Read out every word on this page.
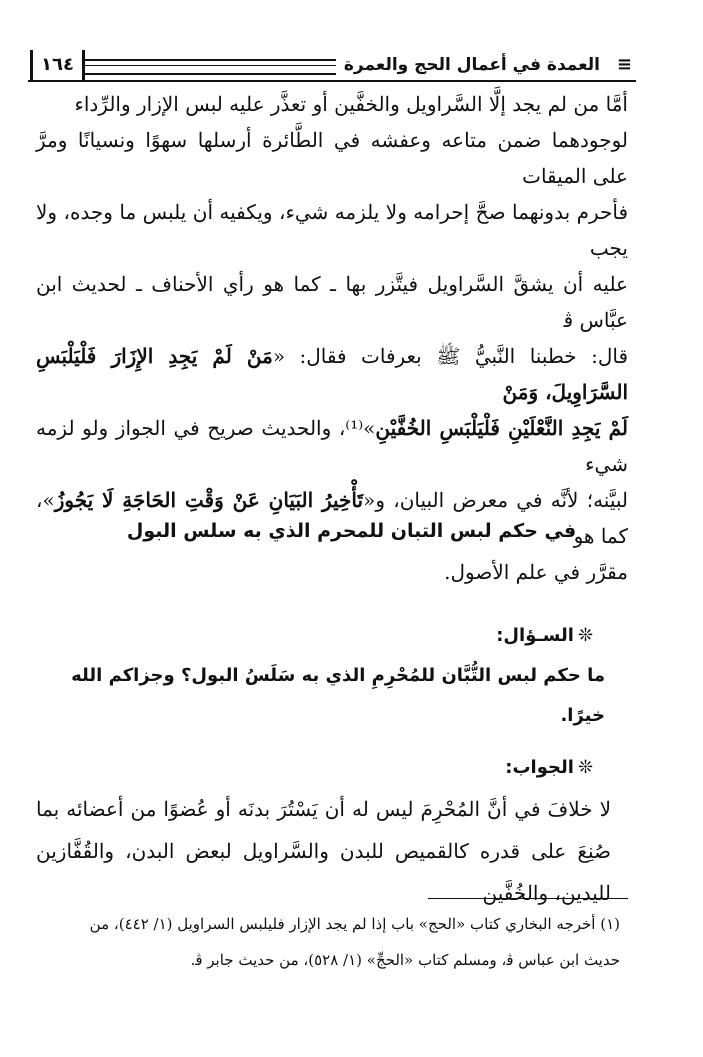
≡
العمدة في أعمال الحج والعمرة
١٦٤

أمَّا من لم يجد إلَّا السَّراويل والخفَّين أو تعذَّر عليه لبس الإزار والرِّداء

لوجودهما ضمن متاعه وعفشه في الطَّائرة أرسلها سهوًا ونسيانًا ومرَّ على الميقات

فأحرم بدونهما صحَّ إحرامه ولا يلزمه شيء، ويكفيه أن يلبس ما وجده، ولا يجب

عليه أن يشقَّ السَّراويل فيتَّزر بها ـ كما هو رأي الأحناف ـ لحديث ابن عبَّاس ﭬ

قال: خطبنا النَّبيُّ ﷺ بعرفات فقال: «مَنْ لَمْ يَجِدِ الإِزَارَ فَلْيَلْبَسِ السَّرَاوِيلَ، وَمَنْ

لَمْ يَجِدِ النَّعْلَيْنِ فَلْيَلْبَسِ الخُفَّيْنِ»⁽¹⁾، والحديث صريح في الجواز ولو لزمه شيء

لبيَّنه؛ لأنَّه في معرض البيان، و«تَأْخِيرُ البَيَانِ عَنْ وَقْتِ الحَاجَةِ لَا يَجُوزُ»، كما هو

مقرَّر في علم الأصول.

في حكم لبس التبان للمحرم الذي به سلس البول
❊السـؤال:
ما حكم لبس التُّبَّان للمُحْرِمِ الذي به سَلَسُ البول؟ وجزاكم الله خيرًا.
❊الجواب:
لا خلافَ في أنَّ المُحْرِمَ ليس له أن يَسْتُرَ بدنَه أو عُضوًا من أعضائه بما صُنِعَ على قدره كالقميص للبدن والسَّراويل لبعض البدن، والقُفَّازين لليدين، والخُفَّين

(١) أخرجه البخاري كتاب «الحج» باب إذا لم يجد الإزار فليلبس السراويل (١/ ٤٤٢)، من

حديث ابن عباس ﭬ، ومسلم كتاب «الحجِّ» (١/ ٥٢٨)، من حديث جابر ﭬ.
